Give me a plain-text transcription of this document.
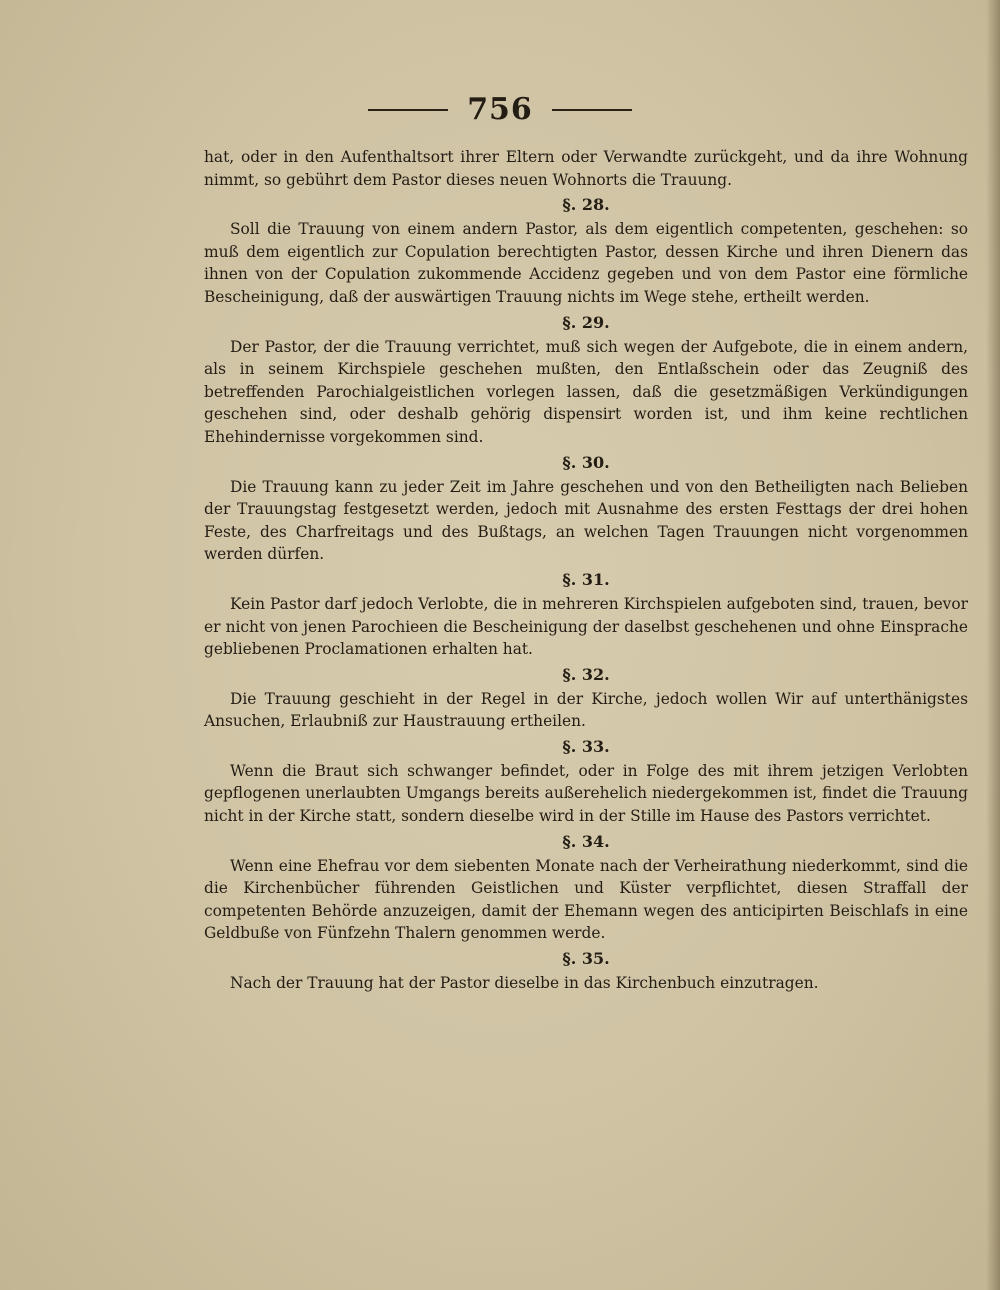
756

hat, oder in den Aufenthaltsort ihrer Eltern oder Verwandte zurückgeht, und da ihre Wohnung nimmt, so gebührt dem Pastor dieses neuen Wohnorts die Trauung.

§. 28.

Soll die Trauung von einem andern Pastor, als dem eigentlich competenten, geschehen: so muß dem eigentlich zur Copulation berechtigten Pastor, dessen Kirche und ihren Dienern das ihnen von der Copulation zukommende Accidenz gegeben und von dem Pastor eine förmliche Bescheinigung, daß der auswärtigen Trauung nichts im Wege stehe, ertheilt werden.

§. 29.

Der Pastor, der die Trauung verrichtet, muß sich wegen der Aufgebote, die in einem andern, als in seinem Kirchspiele geschehen mußten, den Entlaßschein oder das Zeugniß des betreffenden Parochialgeistlichen vorlegen lassen, daß die gesetzmäßigen Verkündigungen geschehen sind, oder deshalb gehörig dispensirt worden ist, und ihm keine rechtlichen Ehehindernisse vorgekommen sind.

§. 30.

Die Trauung kann zu jeder Zeit im Jahre geschehen und von den Betheiligten nach Belieben der Trauungstag festgesetzt werden, jedoch mit Ausnahme des ersten Festtags der drei hohen Feste, des Charfreitags und des Bußtags, an welchen Tagen Trauungen nicht vorgenommen werden dürfen.

§. 31.

Kein Pastor darf jedoch Verlobte, die in mehreren Kirchspielen aufgeboten sind, trauen, bevor er nicht von jenen Parochieen die Bescheinigung der daselbst geschehenen und ohne Einsprache gebliebenen Proclamationen erhalten hat.

§. 32.

Die Trauung geschieht in der Regel in der Kirche, jedoch wollen Wir auf unterthänigstes Ansuchen, Erlaubniß zur Haustrauung ertheilen.

§. 33.

Wenn die Braut sich schwanger befindet, oder in Folge des mit ihrem jetzigen Verlobten gepflogenen unerlaubten Umgangs bereits außerehelich niedergekommen ist, findet die Trauung nicht in der Kirche statt, sondern dieselbe wird in der Stille im Hause des Pastors verrichtet.

§. 34.

Wenn eine Ehefrau vor dem siebenten Monate nach der Verheirathung niederkommt, sind die die Kirchenbücher führenden Geistlichen und Küster verpflichtet, diesen Straffall der competenten Behörde anzuzeigen, damit der Ehemann wegen des anticipirten Beischlafs in eine Geldbuße von Fünfzehn Thalern genommen werde.

§. 35.

Nach der Trauung hat der Pastor dieselbe in das Kirchenbuch einzutragen.
